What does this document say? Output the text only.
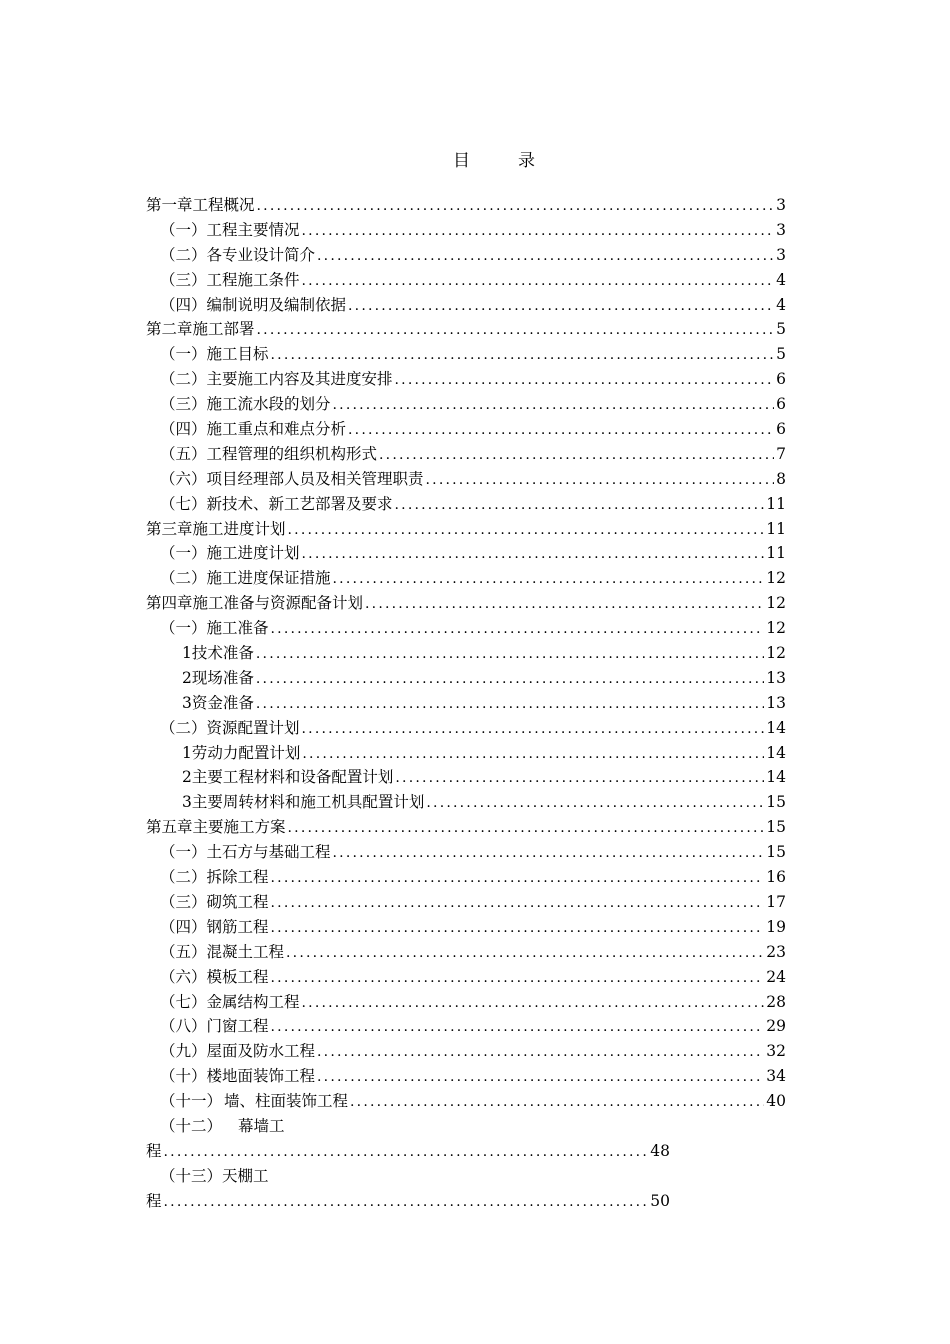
目	录
第一章 工程概况 .....	3
（一） 工程主要情况 .....	3
（二） 各专业设计简介 .....	3
（三） 工程施工条件 .....	4
（四） 编制说明及编制依据 .....	4
第二章 施工部署 .....	5
（一） 施工目标 .....	5
（二） 主要施工内容及其进度安排 .....	6
（三） 施工流水段的划分 .....	6
（四） 施工重点和难点分析 .....	6
（五） 工程管理的组织机构形式 .....	7
（六） 项目经理部人员及相关管理职责 .....	8
（七） 新技术、新工艺部署及要求 .....	11
第三章 施工进度计划 .....	11
（一） 施工进度计划 .....	11
（二） 施工进度保证措施 .....	12
第四章 施工准备与资源配备计划 .....	12
（一） 施工准备 .....	12
1 技术准备 .....	12
2 现场准备 .....	13
3 资金准备 .....	13
（二） 资源配置计划 .....	14
1 劳动力配置计划 .....	14
2 主要工程材料和设备配置计划 .....	14
3 主要周转材料和施工机具配置计划 .....	15
第五章 主要施工方案 .....	15
（一） 土石方与基础工程 .....	15
（二） 拆除工程 .....	16
（三） 砌筑工程 .....	17
（四） 钢筋工程 .....	19
（五） 混凝土工程 .....	23
（六） 模板工程 .....	24
（七） 金属结构工程 .....	28
（八） 门窗工程 .....	29
（九） 屋面及防水工程 .....	32
（十） 楼地面装饰工程 .....	34
（十一） 墙、柱面装饰工程 .....	40
（十二） 幕墙工
程 .....	48
（十三）天棚工
程 .....	50
